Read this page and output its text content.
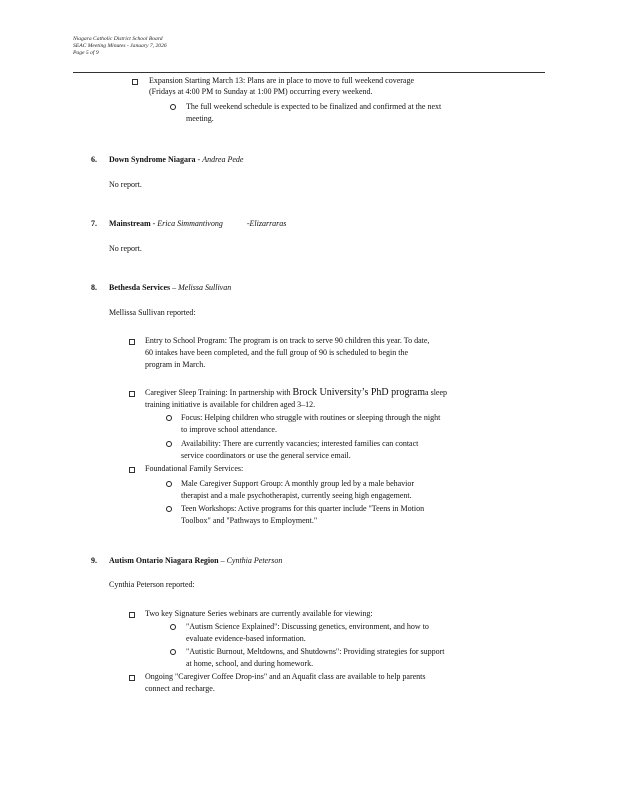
Niagara Catholic District School Board
SEAC Meeting Minutes - January 7, 2026
Page 5 of 9
Expansion Starting March 13: Plans are in place to move to full weekend coverage
(Fridays at 4:00 PM to Sunday at 1:00 PM) occurring every weekend.
The full weekend schedule is expected to be finalized and confirmed at the next
meeting.
6. Down Syndrome Niagara - Andrea Pede
No report.
7. Mainstream - Erica Simmantivong	-Elizarraras
No report.
8. Bethesda Services – Melissa Sullivan
Mellissa Sullivan reported:
Entry to School Program: The program is on track to serve 90 children this year. To date,
60 intakes have been completed, and the full group of 90 is scheduled to begin the
program in March.
Caregiver Sleep Training: In partnership with Brock University’s PhD programa sleep
training initiative is available for children aged 3–12.
Focus: Helping children who struggle with routines or sleeping through the night
to improve school attendance.
Availability: There are currently vacancies; interested families can contact
service coordinators or use the general service email.
Foundational Family Services:
Male Caregiver Support Group: A monthly group led by a male behavior
therapist and a male psychotherapist, currently seeing high engagement.
Teen Workshops: Active programs for this quarter include "Teens in Motion
Toolbox" and "Pathways to Employment."
9. Autism Ontario Niagara Region – Cynthia Peterson
Cynthia Peterson reported:
Two key Signature Series webinars are currently available for viewing:
"Autism Science Explained": Discussing genetics, environment, and how to
evaluate evidence-based information.
"Autistic Burnout, Meltdowns, and Shutdowns": Providing strategies for support
at home, school, and during homework.
Ongoing "Caregiver Coffee Drop-ins" and an Aquafit class are available to help parents
connect and recharge.
